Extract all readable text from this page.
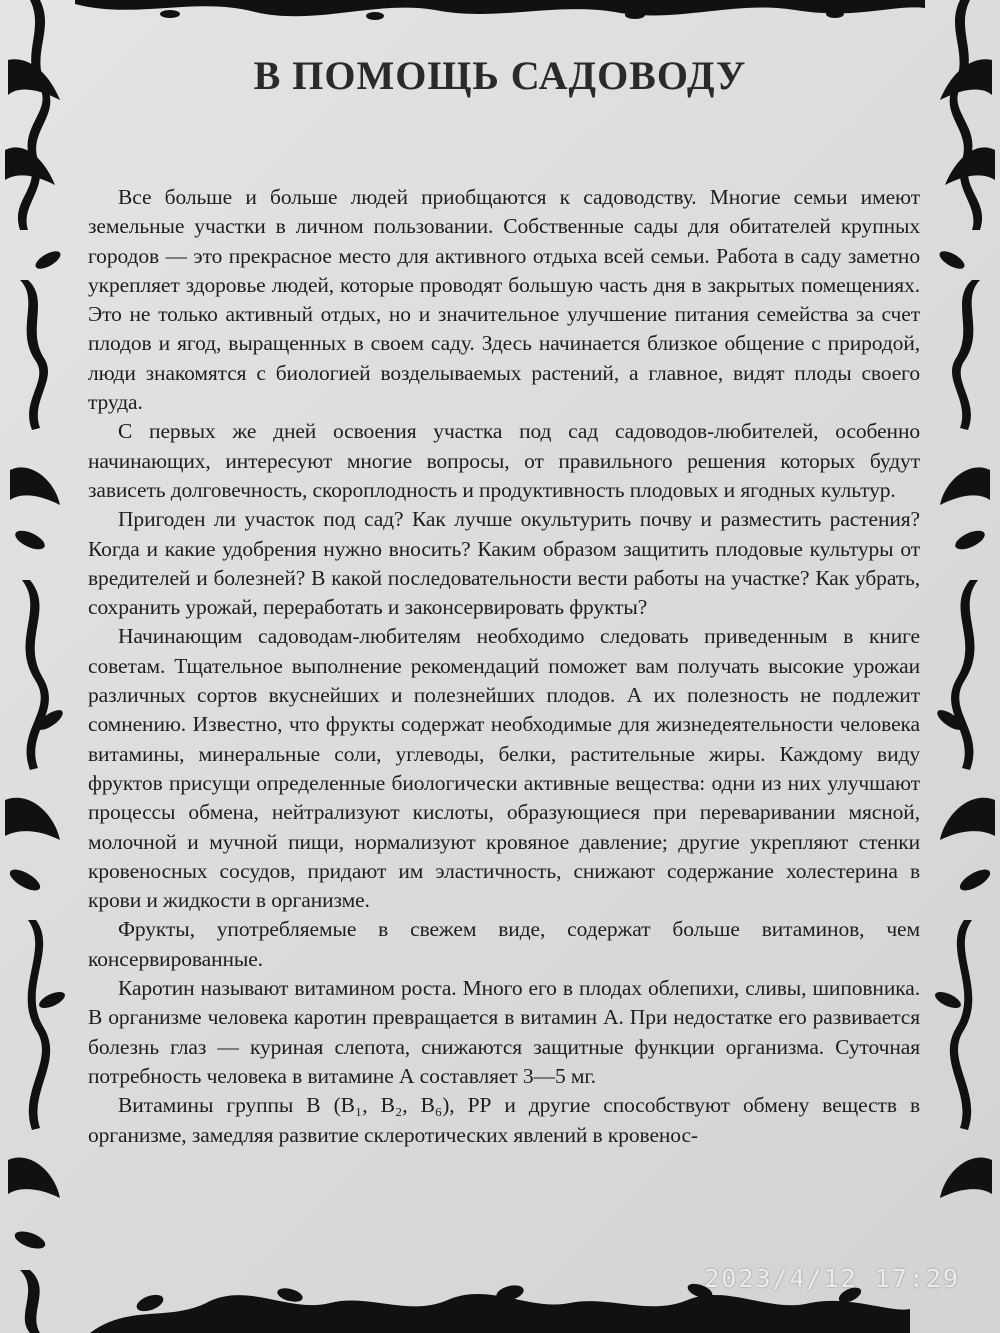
В ПОМОЩЬ САДОВОДУ

Все больше и больше людей приобщаются к садоводству. Многие семьи имеют земельные участки в личном пользовании. Собственные сады для обитателей крупных городов — это прекрасное место для активного отдыха всей семьи. Работа в саду заметно укрепляет здоровье людей, которые проводят большую часть дня в закрытых помещениях. Это не только активный отдых, но и значительное улучшение питания семейства за счет плодов и ягод, выращенных в своем саду. Здесь начинается близкое общение с природой, люди знакомятся с биологией возделываемых растений, а главное, видят плоды своего труда.

С первых же дней освоения участка под сад садоводов-любителей, особенно начинающих, интересуют многие вопросы, от правильного решения которых будут зависеть долговечность, скороплодность и продуктивность плодовых и ягодных культур.

Пригоден ли участок под сад? Как лучше окультурить почву и разместить растения? Когда и какие удобрения нужно вносить? Каким образом защитить плодовые культуры от вредителей и болезней? В какой последовательности вести работы на участке? Как убрать, сохранить урожай, переработать и законсервировать фрукты?

Начинающим садоводам-любителям необходимо следовать приведенным в книге советам. Тщательное выполнение рекомендаций поможет вам получать высокие урожаи различных сортов вкуснейших и полезнейших плодов. А их полезность не подлежит сомнению. Известно, что фрукты содержат необходимые для жизнедеятельности человека витамины, минеральные соли, углеводы, белки, растительные жиры. Каждому виду фруктов присущи определенные биологически активные вещества: одни из них улучшают процессы обмена, нейтрализуют кислоты, образующиеся при переваривании мясной, молочной и мучной пищи, нормализуют кровяное давление; другие укрепляют стенки кровеносных сосудов, придают им эластичность, снижают содержание холестерина в крови и жидкости в организме.

Фрукты, употребляемые в свежем виде, содержат больше витаминов, чем консервированные.

Каротин называют витамином роста. Много его в плодах облепихи, сливы, шиповника. В организме человека каротин превращается в витамин А. При недостатке его развивается болезнь глаз — куриная слепота, снижаются защитные функции организма. Суточная потребность человека в витамине А составляет 3—5 мг.

Витамины группы В (В₁, В₂, В₆), РР и другие способствуют обмену веществ в организме, замедляя развитие склеротических явлений в кровенос-

2023/4/12 17:29
